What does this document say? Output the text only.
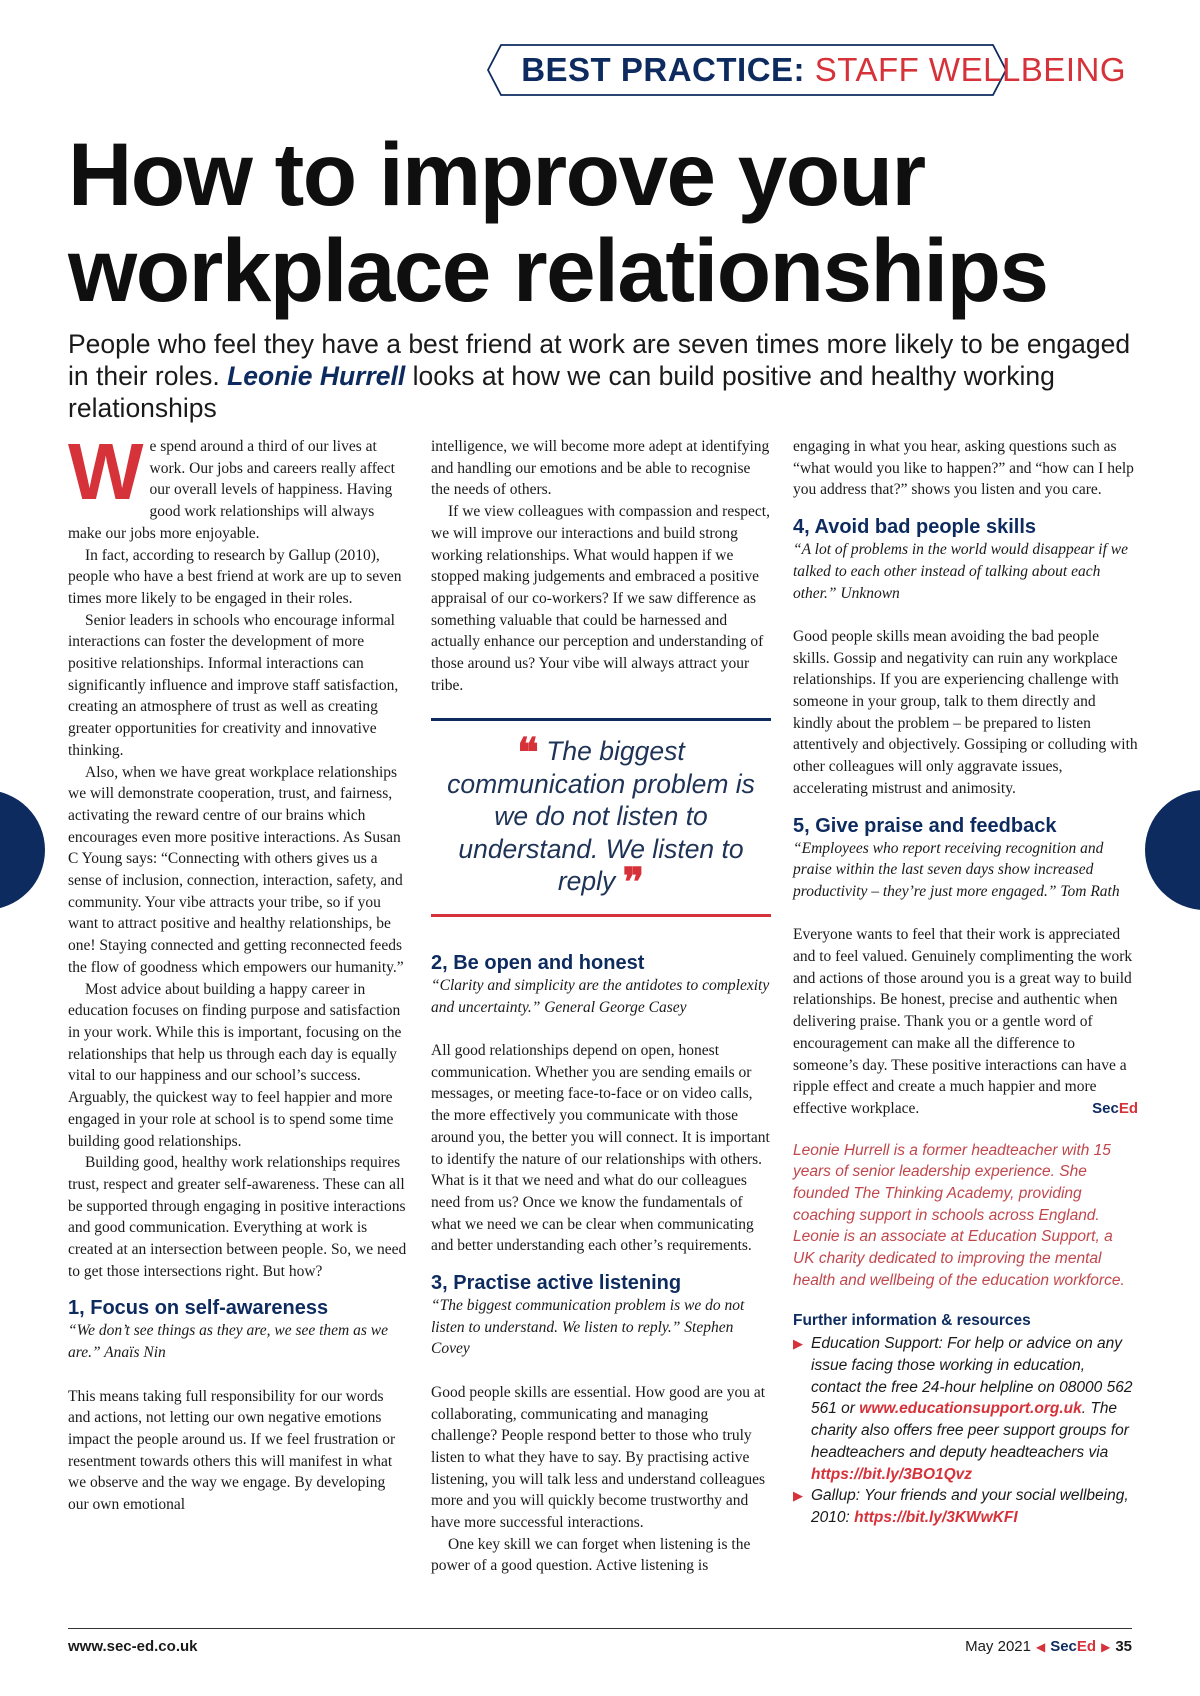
BEST PRACTICE: STAFF WELLBEING
How to improve your
workplace relationships

People who feel they have a best friend at work are seven times more likely to be engaged in their roles. Leonie Hurrell looks at how we can build positive and healthy working relationships

We spend around a third of our lives at work. Our jobs and careers really affect our overall levels of happiness. Having good work relationships will always make our jobs more enjoyable.

In fact, according to research by Gallup (2010), people who have a best friend at work are up to seven times more likely to be engaged in their roles.

Senior leaders in schools who encourage informal interactions can foster the development of more positive relationships. Informal interactions can significantly influence and improve staff satisfaction, creating an atmosphere of trust as well as creating greater opportunities for creativity and innovative thinking.

Also, when we have great workplace relationships we will demonstrate cooperation, trust, and fairness, activating the reward centre of our brains which encourages even more positive interactions. As Susan C Young says: “Connecting with others gives us a sense of inclusion, connection, interaction, safety, and community. Your vibe attracts your tribe, so if you want to attract positive and healthy relationships, be one! Staying connected and getting reconnected feeds the flow of goodness which empowers our humanity.”

Most advice about building a happy career in education focuses on finding purpose and satisfaction in your work. While this is important, focusing on the relationships that help us through each day is equally vital to our happiness and our school’s success. Arguably, the quickest way to feel happier and more engaged in your role at school is to spend some time building good relationships.

Building good, healthy work relationships requires trust, respect and greater self-awareness. These can all be supported through engaging in positive interactions and good communication. Everything at work is created at an intersection between people. So, we need to get those intersections right. But how?

1, Focus on self-awareness

“We don’t see things as they are, we see them as we are.” Anaïs Nin

This means taking full responsibility for our words and actions, not letting our own negative emotions impact the people around us. If we feel frustration or resentment towards others this will manifest in what we observe and the way we engage. By developing our own emotional

intelligence, we will become more adept at identifying and handling our emotions and be able to recognise the needs of others.

If we view colleagues with compassion and respect, we will improve our interactions and build strong working relationships. What would happen if we stopped making judgements and embraced a positive appraisal of our co-workers? If we saw difference as something valuable that could be harnessed and actually enhance our perception and understanding of those around us? Your vibe will always attract your tribe.

❝ The biggest communication problem is we do not listen to understand. We listen to reply ❞
2, Be open and honest

“Clarity and simplicity are the antidotes to complexity and uncertainty.” General George Casey

All good relationships depend on open, honest communication. Whether you are sending emails or messages, or meeting face-to-face or on video calls, the more effectively you communicate with those around you, the better you will connect. It is important to identify the nature of our relationships with others. What is it that we need and what do our colleagues need from us? Once we know the fundamentals of what we need we can be clear when communicating and better understanding each other’s requirements.

3, Practise active listening

“The biggest communication problem is we do not listen to understand. We listen to reply.” Stephen Covey

Good people skills are essential. How good are you at collaborating, communicating and managing challenge? People respond better to those who truly listen to what they have to say. By practising active listening, you will talk less and understand colleagues more and you will quickly become trustworthy and have more successful interactions.

One key skill we can forget when listening is the power of a good question. Active listening is

engaging in what you hear, asking questions such as “what would you like to happen?” and “how can I help you address that?” shows you listen and you care.

4, Avoid bad people skills

“A lot of problems in the world would disappear if we talked to each other instead of talking about each other.” Unknown

Good people skills mean avoiding the bad people skills. Gossip and negativity can ruin any workplace relationships. If you are experiencing challenge with someone in your group, talk to them directly and kindly about the problem – be prepared to listen attentively and objectively. Gossiping or colluding with other colleagues will only aggravate issues, accelerating mistrust and animosity.

5, Give praise and feedback

“Employees who report receiving recognition and praise within the last seven days show increased productivity – they’re just more engaged.” Tom Rath

Everyone wants to feel that their work is appreciated and to feel valued. Genuinely complimenting the work and actions of those around you is a great way to build relationships. Be honest, precise and authentic when delivering praise. Thank you or a gentle word of encouragement can make all the difference to someone’s day. These positive interactions can have a ripple effect and create a much happier and more effective workplace.	SecEd

Leonie Hurrell is a former headteacher with 15 years of senior leadership experience. She founded The Thinking Academy, providing coaching support in schools across England. Leonie is an associate at Education Support, a UK charity dedicated to improving the mental health and wellbeing of the education workforce.

Further information & resources

▶ Education Support: For help or advice on any issue facing those working in education, contact the free 24-hour helpline on 08000 562 561 or www.educationsupport.org.uk. The charity also offers free peer support groups for headteachers and deputy headteachers via https://bit.ly/3BO1Qvz
▶ Gallup: Your friends and your social wellbeing, 2010: https://bit.ly/3KWwKFI
www.sec-ed.co.uk	May 2021 ◀ SecEd ▶ 35
